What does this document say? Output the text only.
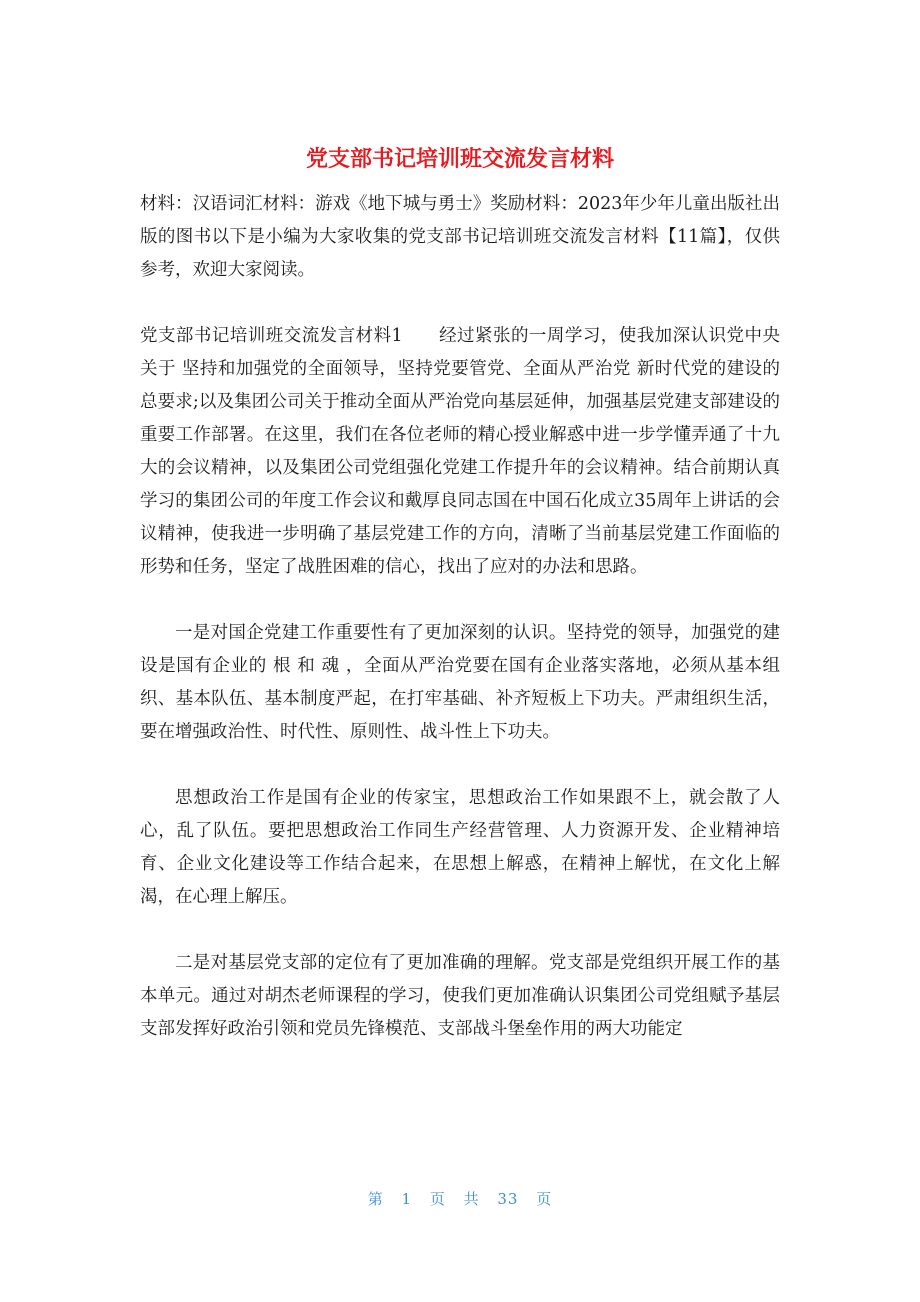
党支部书记培训班交流发言材料

材料：汉语词汇材料：游戏《地下城与勇士》奖励材料：2023年少年儿童出版社出版的图书以下是小编为大家收集的党支部书记培训班交流发言材料【11篇】，仅供参考，欢迎大家阅读。

党支部书记培训班交流发言材料1　　经过紧张的一周学习，使我加深认识党中央关于 坚持和加强党的全面领导，坚持党要管党、全面从严治党 新时代党的建设的总要求;以及集团公司关于推动全面从严治党向基层延伸，加强基层党建支部建设的重要工作部署。在这里，我们在各位老师的精心授业解惑中进一步学懂弄通了十九大的会议精神，以及集团公司党组强化党建工作提升年的会议精神。结合前期认真学习的集团公司的年度工作会议和戴厚良同志国在中国石化成立35周年上讲话的会议精神，使我进一步明确了基层党建工作的方向，清晰了当前基层党建工作面临的形势和任务，坚定了战胜困难的信心，找出了应对的办法和思路。

一是对国企党建工作重要性有了更加深刻的认识。坚持党的领导，加强党的建设是国有企业的 根 和 魂 ，全面从严治党要在国有企业落实落地，必须从基本组织、基本队伍、基本制度严起，在打牢基础、补齐短板上下功夫。严肃组织生活，要在增强政治性、时代性、原则性、战斗性上下功夫。

思想政治工作是国有企业的传家宝，思想政治工作如果跟不上，就会散了人心，乱了队伍。要把思想政治工作同生产经营管理、人力资源开发、企业精神培育、企业文化建设等工作结合起来，在思想上解惑，在精神上解忧，在文化上解渴，在心理上解压。

二是对基层党支部的定位有了更加准确的理解。党支部是党组织开展工作的基本单元。通过对胡杰老师课程的学习，使我们更加准确认识集团公司党组赋予基层支部发挥好政治引领和党员先锋模范、支部战斗堡垒作用的两大功能定

第 1 页 共 33 页
